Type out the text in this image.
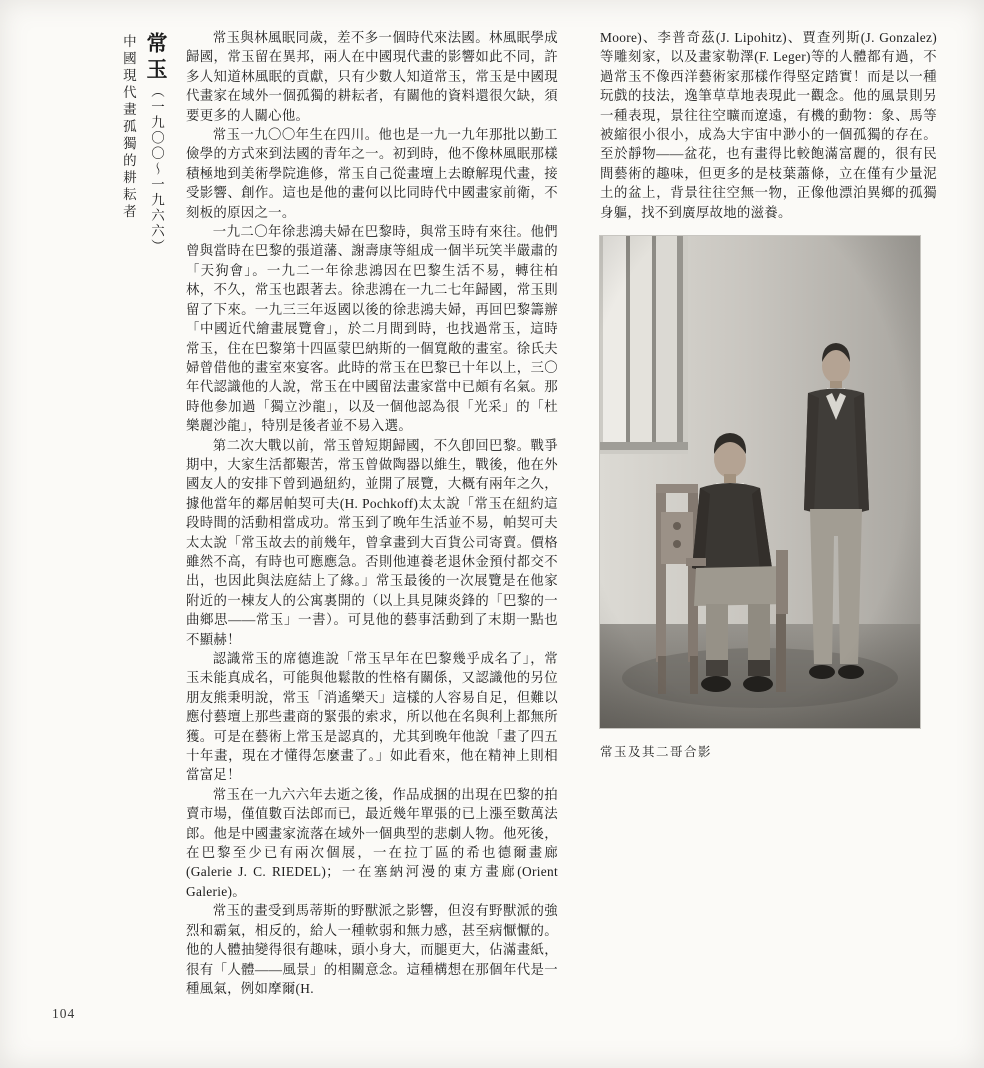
常玉（一九〇〇～一九六六）
中國現代畫孤獨的耕耘者	常玉與林風眠同歲，差不多一個時代來法國。林風眠學成歸國，常玉留在異邦，兩人在中國現代畫的影響如此不同，許多人知道林風眠的貢獻，只有少數人知道常玉，常玉是中國現代畫家在域外一個孤獨的耕耘者，有關他的資料還很欠缺，須要更多的人關心他。

常玉一九〇〇年生在四川。他也是一九一九年那批以勤工儉學的方式來到法國的青年之一。初到時，他不像林風眠那樣積極地到美術學院進修，常玉自己從畫壇上去瞭解現代畫，接受影響、創作。這也是他的畫何以比同時代中國畫家前衛，不刻板的原因之一。

一九二〇年徐悲鴻夫婦在巴黎時，與常玉時有來往。他們曾與當時在巴黎的張道藩、謝壽康等組成一個半玩笑半嚴肅的「天狗會」。一九二一年徐悲鴻因在巴黎生活不易，轉往柏林，不久，常玉也跟著去。徐悲鴻在一九二七年歸國，常玉則留了下來。一九三三年返國以後的徐悲鴻夫婦，再回巴黎籌辦「中國近代繪畫展覽會」，於二月間到時，也找過常玉，這時常玉，住在巴黎第十四區蒙巴納斯的一個寬敞的畫室。徐氏夫婦曾借他的畫室來宴客。此時的常玉在巴黎已十年以上，三〇年代認識他的人說，常玉在中國留法畫家當中已頗有名氣。那時他參加過「獨立沙龍」，以及一個他認為很「光采」的「杜樂麗沙龍」，特別是後者並不易入選。

第二次大戰以前，常玉曾短期歸國，不久卽回巴黎。戰爭期中，大家生活都艱苦，常玉曾做陶器以維生，戰後，他在外國友人的安排下曾到過紐約，並開了展覽，大概有兩年之久，據他當年的鄰居帕契可夫(H. Pochkoff)太太說「常玉在紐約這段時間的活動相當成功。常玉到了晚年生活並不易，帕契可夫太太說「常玉故去的前幾年，曾拿畫到大百貨公司寄賣。價格雖然不高，有時也可應應急。否則他連養老退休金預付都交不出，也因此與法庭結上了緣。」常玉最後的一次展覽是在他家附近的一棟友人的公寓裏開的（以上具見陳炎鋒的「巴黎的一曲鄉思——常玉」一書）。可見他的藝事活動到了末期一點也不顯赫！

認識常玉的席德進說「常玉早年在巴黎幾乎成名了」，常玉未能真成名，可能與他鬆散的性格有關係，又認識他的另位朋友熊秉明說，常玉「消遙樂天」這樣的人容易自足，但難以應付藝壇上那些畫商的緊張的索求，所以他在名與利上都無所獲。可是在藝術上常玉是認真的，尤其到晚年他說「畫了四五十年畫，現在才懂得怎麼畫了。」如此看來，他在精神上則相當富足！

常玉在一九六六年去逝之後，作品成捆的出現在巴黎的拍賣市場，僅值數百法郎而已，最近幾年單張的已上漲至數萬法郎。他是中國畫家流落在域外一個典型的悲劇人物。他死後，在巴黎至少已有兩次個展，一在拉丁區的希也德爾畫廊(Galerie J. C. RIEDEL)；一在塞納河漫的東方畫廊(Orient Galerie)。

常玉的畫受到馬蒂斯的野獸派之影響，但沒有野獸派的強烈和霸氣，相反的，給人一種軟弱和無力感，甚至病懨懨的。他的人體抽變得很有趣味，頭小身大，而腿更大，佔滿畫紙，很有「人體——風景」的相關意念。這種構想在那個年代是一種風氣，例如摩爾(H.

Moore)、李普奇茲(J. Lipohitz)、賈查列斯(J. Gonzalez)等雕刻家，以及畫家勒澤(F. Leger)等的人體都有過，不過常玉不像西洋藝術家那樣作得堅定踏實！而是以一種玩戲的技法，逸筆草草地表現此一觀念。他的風景則另一種表現，景往往空曠而遼遠，有機的動物：象、馬等被縮很小很小，成為大宇宙中渺小的一個孤獨的存在。至於靜物——盆花，也有畫得比較飽滿富麗的，很有民間藝術的趣味，但更多的是枝葉蕭條，立在僅有少量泥土的盆上，背景往往空無一物，正像他漂泊異鄉的孤獨身軀，找不到廣厚故地的滋養。

常玉及其二哥合影
104
